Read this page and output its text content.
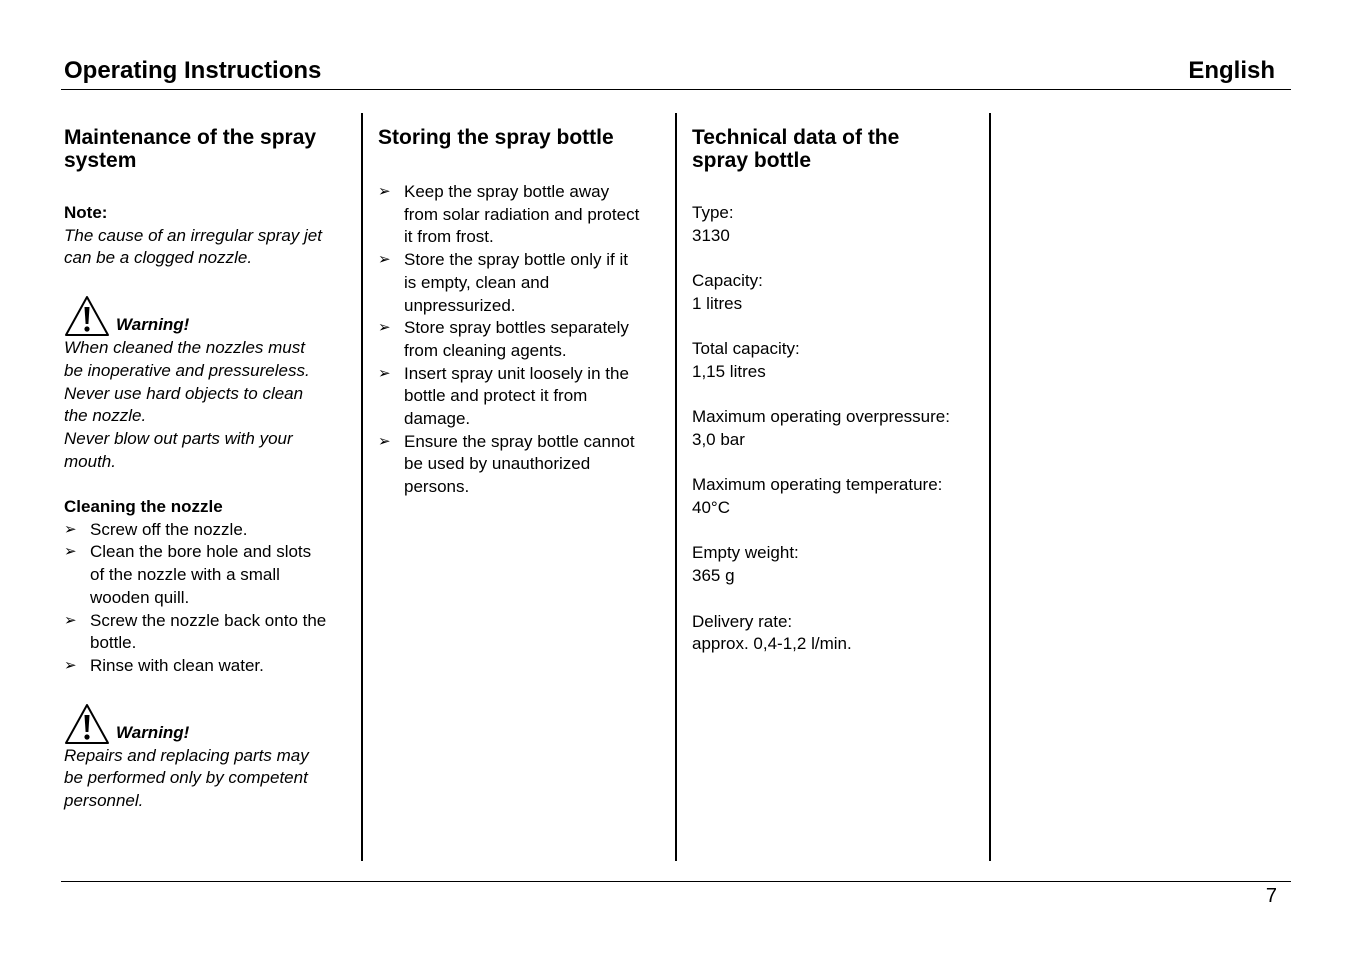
Operating Instructions	English
Maintenance of the spray system
Note:
The cause of an irregular spray jet
can be a clogged nozzle.
Warning!
When cleaned the nozzles must
be inoperative and pressureless.
Never use hard objects to clean
the nozzle.
Never blow out parts with your
mouth.
Cleaning the nozzle
➢ Screw off the nozzle.
➢ Clean the bore hole and slots
of the nozzle with a small
wooden quill.
➢ Screw the nozzle back onto the
bottle.
➢ Rinse with clean water.
Warning!
Repairs and replacing parts may
be performed only by competent
personnel.
Storing the spray bottle
➢ Keep the spray bottle away
from solar radiation and protect
it from frost.
➢ Store the spray bottle only if it
is empty, clean and
unpressurized.
➢ Store spray bottles separately
from cleaning agents.
➢ Insert spray unit loosely in the
bottle and protect it from
damage.
➢ Ensure the spray bottle cannot
be used by unauthorized
persons.
Technical data of the
spray bottle
Type:
3130
Capacity:
1 litres
Total capacity:
1,15 litres
Maximum operating overpressure:
3,0 bar
Maximum operating temperature:
40°C
Empty weight:
365 g
Delivery rate:
approx. 0,4-1,2 l/min.
7
